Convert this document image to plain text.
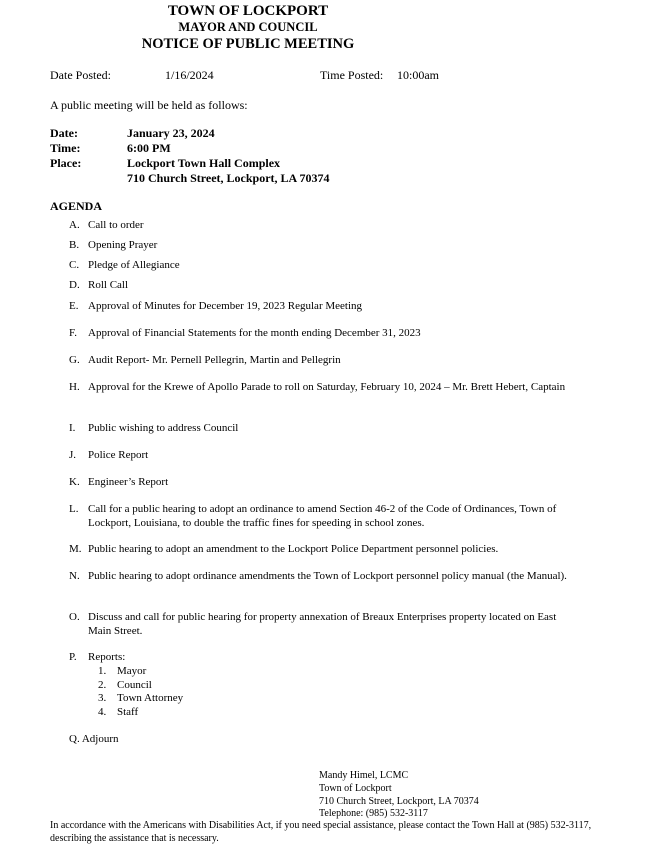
TOWN OF LOCKPORT
MAYOR AND COUNCIL
NOTICE OF PUBLIC MEETING
Date Posted:	1/16/2024	Time Posted: 10:00am
A public meeting will be held as follows:
Date:	January 23, 2024
Time:	6:00 PM
Place:	Lockport Town Hall Complex
710 Church Street, Lockport, LA 70374
AGENDA
A. Call to order
B. Opening Prayer
C. Pledge of Allegiance
D. Roll Call
E. Approval of Minutes for December 19, 2023 Regular Meeting
F. Approval of Financial Statements for the month ending December 31, 2023
G. Audit Report- Mr. Pernell Pellegrin, Martin and Pellegrin
H. Approval for the Krewe of Apollo Parade to roll on Saturday, February 10, 2024 – Mr. Brett Hebert, Captain
I. Public wishing to address Council
J. Police Report
K. Engineer’s Report
L. Call for a public hearing to adopt an ordinance to amend Section 46-2 of the Code of Ordinances, Town of Lockport, Louisiana, to double the traffic fines for speeding in school zones.
M. Public hearing to adopt an amendment to the Lockport Police Department personnel policies.
N. Public hearing to adopt ordinance amendments the Town of Lockport personnel policy manual (the Manual).
O. Discuss and call for public hearing for property annexation of Breaux Enterprises property located on East Main Street.
P. Reports:
1. Mayor
2. Council
3. Town Attorney
4. Staff
Q. Adjourn
Mandy Himel, LCMC
Town of Lockport
710 Church Street, Lockport, LA 70374
Telephone: (985) 532-3117
In accordance with the Americans with Disabilities Act, if you need special assistance, please contact the Town Hall at (985) 532-3117, describing the assistance that is necessary.
